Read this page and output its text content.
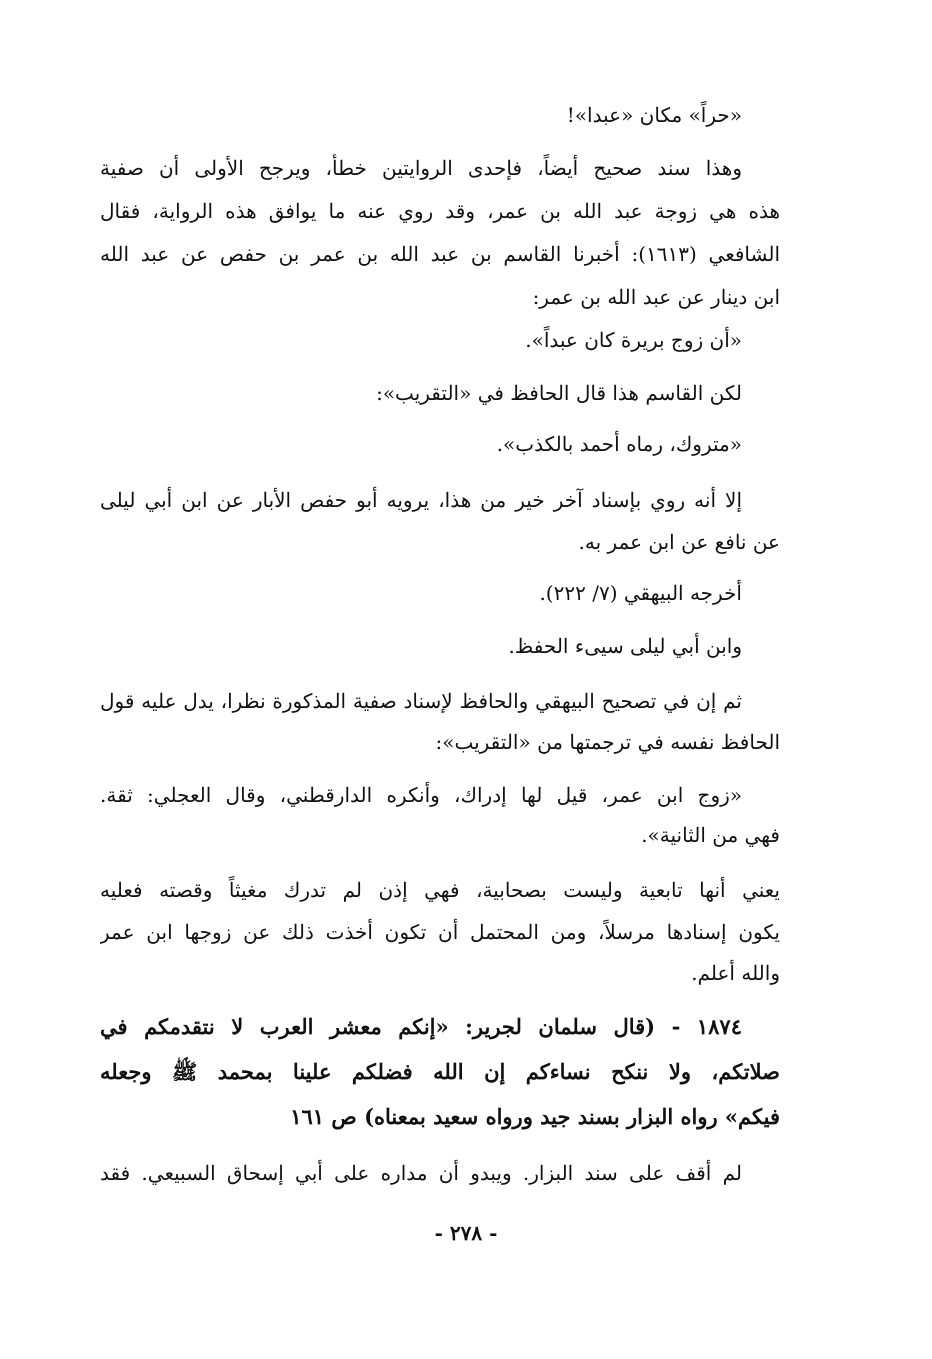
«حراً» مكان «عبدا»!
وهذا سند صحيح أيضاً، فإحدى الروايتين خطأ، ويرجح الأولى أن صفية
هذه هي زوجة عبد الله بن عمر، وقد روي عنه ما يوافق هذه الرواية، فقال
الشافعي (١٦١٣): أخبرنا القاسم بن عبد الله بن عمر بن حفص عن عبد الله
ابن دينار عن عبد الله بن عمر:
«أن زوج بريرة كان عبداً».
لكن القاسم هذا قال الحافظ في «التقريب»:
«متروك، رماه أحمد بالكذب».
إلا أنه روي بإسناد آخر خير من هذا، يرويه أبو حفص الأبار عن ابن أبي ليلى
عن نافع عن ابن عمر به.
أخرجه البيهقي (٧/ ٢٢٢).
وابن أبي ليلى سيىء الحفظ.
ثم إن في تصحيح البيهقي والحافظ لإسناد صفية المذكورة نظرا، يدل عليه قول
الحافظ نفسه في ترجمتها من «التقريب»:
«زوج ابن عمر، قيل لها إدراك، وأنكره الدارقطني، وقال العجلي: ثقة.
فهي من الثانية».
يعني أنها تابعية وليست بصحابية، فهي إذن لم تدرك مغيثاً وقصته فعليه
يكون إسنادها مرسلاً، ومن المحتمل أن تكون أخذت ذلك عن زوجها ابن عمر
والله أعلم.
١٨٧٤ - (قال سلمان لجرير: «إنكم معشر العرب لا نتقدمكم في
صلاتكم، ولا ننكح نساءكم إن الله فضلكم علينا بمحمد ﷺ وجعله
فيكم» رواه البزار بسند جيد ورواه سعيد بمعناه) ص ١٦١
لم أقف على سند البزار. ويبدو أن مداره على أبي إسحاق السبيعي. فقد
- ٢٧٨ -
